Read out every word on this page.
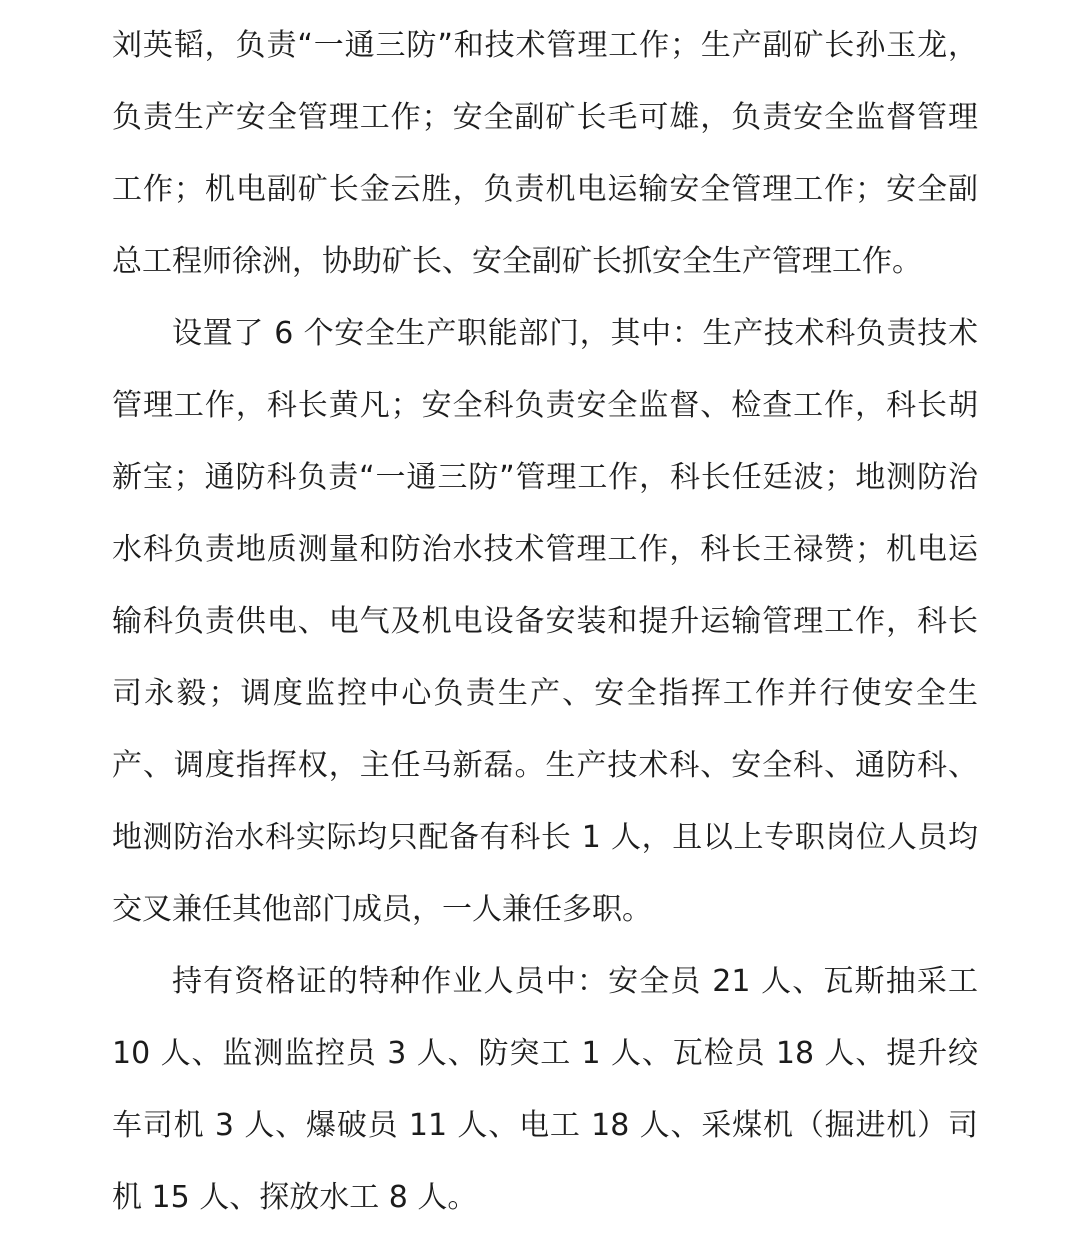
刘英韬，负责“一通三防”和技术管理工作；生产副矿长孙玉龙，负责生产安全管理工作；安全副矿长毛可雄，负责安全监督管理工作；机电副矿长金云胜，负责机电运输安全管理工作；安全副总工程师徐洲，协助矿长、安全副矿长抓安全生产管理工作。

设置了 6 个安全生产职能部门，其中：生产技术科负责技术管理工作，科长黄凡；安全科负责安全监督、检查工作，科长胡新宝；通防科负责“一通三防”管理工作，科长任廷波；地测防治水科负责地质测量和防治水技术管理工作，科长王禄赞；机电运输科负责供电、电气及机电设备安装和提升运输管理工作，科长司永毅；调度监控中心负责生产、安全指挥工作并行使安全生产、调度指挥权，主任马新磊。生产技术科、安全科、通防科、地测防治水科实际均只配备有科长 1 人，且以上专职岗位人员均交叉兼任其他部门成员，一人兼任多职。

持有资格证的特种作业人员中：安全员 21 人、瓦斯抽采工 10 人、监测监控员 3 人、防突工 1 人、瓦检员 18 人、提升绞车司机 3 人、爆破员 11 人、电工 18 人、采煤机（掘进机）司机 15 人、探放水工 8 人。
